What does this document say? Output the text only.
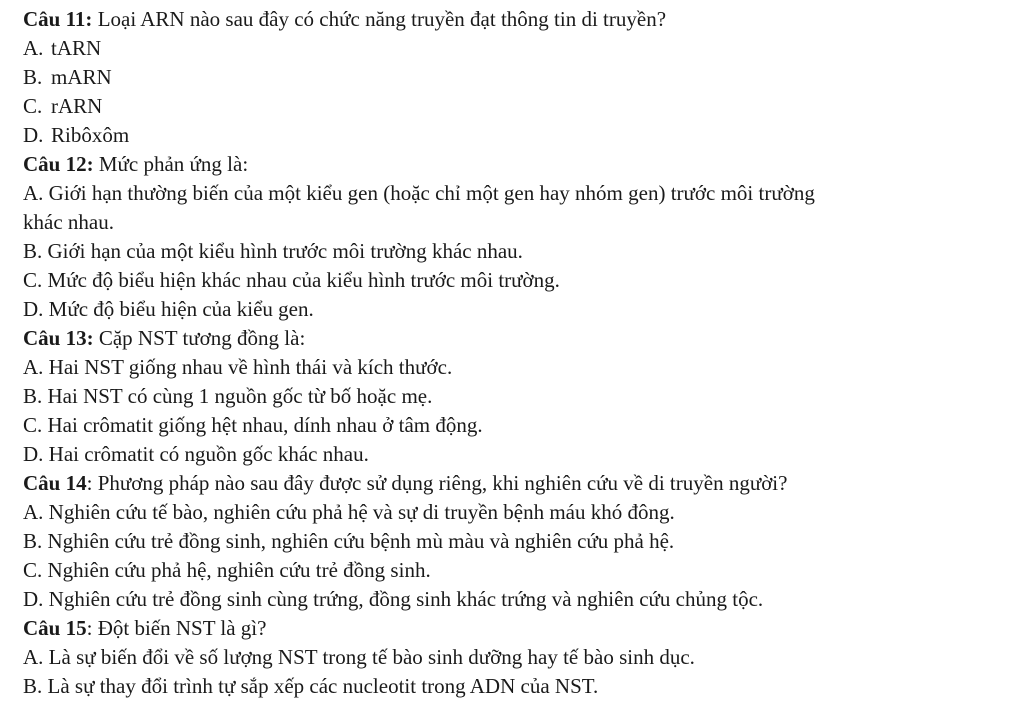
Câu 11: Loại ARN nào sau đây có chức năng truyền đạt thông tin di truyền?
A. tARN
B. mARN
C. rARN
D. Ribôxôm
Câu 12: Mức phản ứng là:
A. Giới hạn thường biến của một kiểu gen (hoặc chỉ một gen hay nhóm gen) trước môi trường
khác nhau.
B. Giới hạn của một kiểu hình trước môi trường khác nhau.
C. Mức độ biểu hiện khác nhau của kiểu hình trước môi trường.
D. Mức độ biểu hiện của kiểu gen.
Câu 13: Cặp NST tương đồng là:
A. Hai NST giống nhau về hình thái và kích thước.
B. Hai NST có cùng 1 nguồn gốc từ bố hoặc mẹ.
C. Hai crômatit giống hệt nhau, dính nhau ở tâm động.
D. Hai crômatit có nguồn gốc khác nhau.
Câu 14: Phương pháp nào sau đây được sử dụng riêng, khi nghiên cứu về di truyền người?
A. Nghiên cứu tế bào, nghiên cứu phả hệ và sự di truyền bệnh máu khó đông.
B. Nghiên cứu trẻ đồng sinh, nghiên cứu bệnh mù màu và nghiên cứu phả hệ.
C. Nghiên cứu phả hệ, nghiên cứu trẻ đồng sinh.
D. Nghiên cứu trẻ đồng sinh cùng trứng, đồng sinh khác trứng và nghiên cứu chủng tộc.
Câu 15: Đột biến NST là gì?
A. Là sự biến đổi về số lượng NST trong tế bào sinh dưỡng hay tế bào sinh dục.
B. Là sự thay đổi trình tự sắp xếp các nucleotit trong ADN của NST.
